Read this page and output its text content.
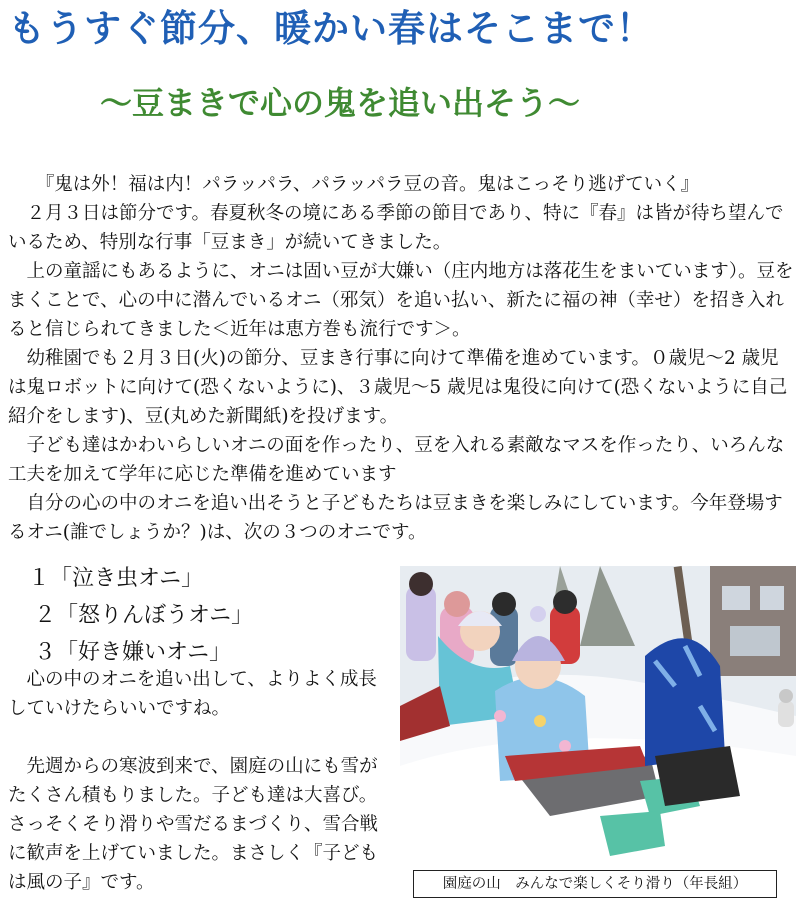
もうすぐ節分、暖かい春はそこまで！
～豆まきで心の鬼を追い出そう～

『鬼は外！福は内！パラッパラ、パラッパラ豆の音。鬼はこっそり逃げていく』

２月３日は節分です。春夏秋冬の境にある季節の節目であり、特に『春』は皆が待ち望んでいるため、特別な行事「豆まき」が続いてきました。

上の童謡にもあるように、オニは固い豆が大嫌い（庄内地方は落花生をまいています）。豆をまくことで、心の中に潜んでいるオニ（邪気）を追い払い、新たに福の神（幸せ）を招き入れると信じられてきました＜近年は恵方巻も流行です＞。

幼稚園でも２月３日(火)の節分、豆まき行事に向けて準備を進めています。０歳児～2 歳児は鬼ロボットに向けて(恐くないように)、３歳児～5 歳児は鬼役に向けて(恐くないように自己紹介をします)、豆(丸めた新聞紙)を投げます。

子ども達はかわいらしいオニの面を作ったり、豆を入れる素敵なマスを作ったり、いろんな工夫を加えて学年に応じた準備を進めています

自分の心の中のオニを追い出そうと子どもたちは豆まきを楽しみにしています。今年登場するオニ(誰でしょうか？)は、次の３つのオニです。

１「泣き虫オニ」
２「怒りんぼうオニ」
３「好き嫌いオニ」

心の中のオニを追い出して、よりよく成長していけたらいいですね。

先週からの寒波到来で、園庭の山にも雪がたくさん積もりました。子ども達は大喜び。さっそくそり滑りや雪だるまづくり、雪合戦に歓声を上げていました。まさしく『子どもは風の子』です。	園庭の山　みんなで楽しくそり滑り（年長組）
